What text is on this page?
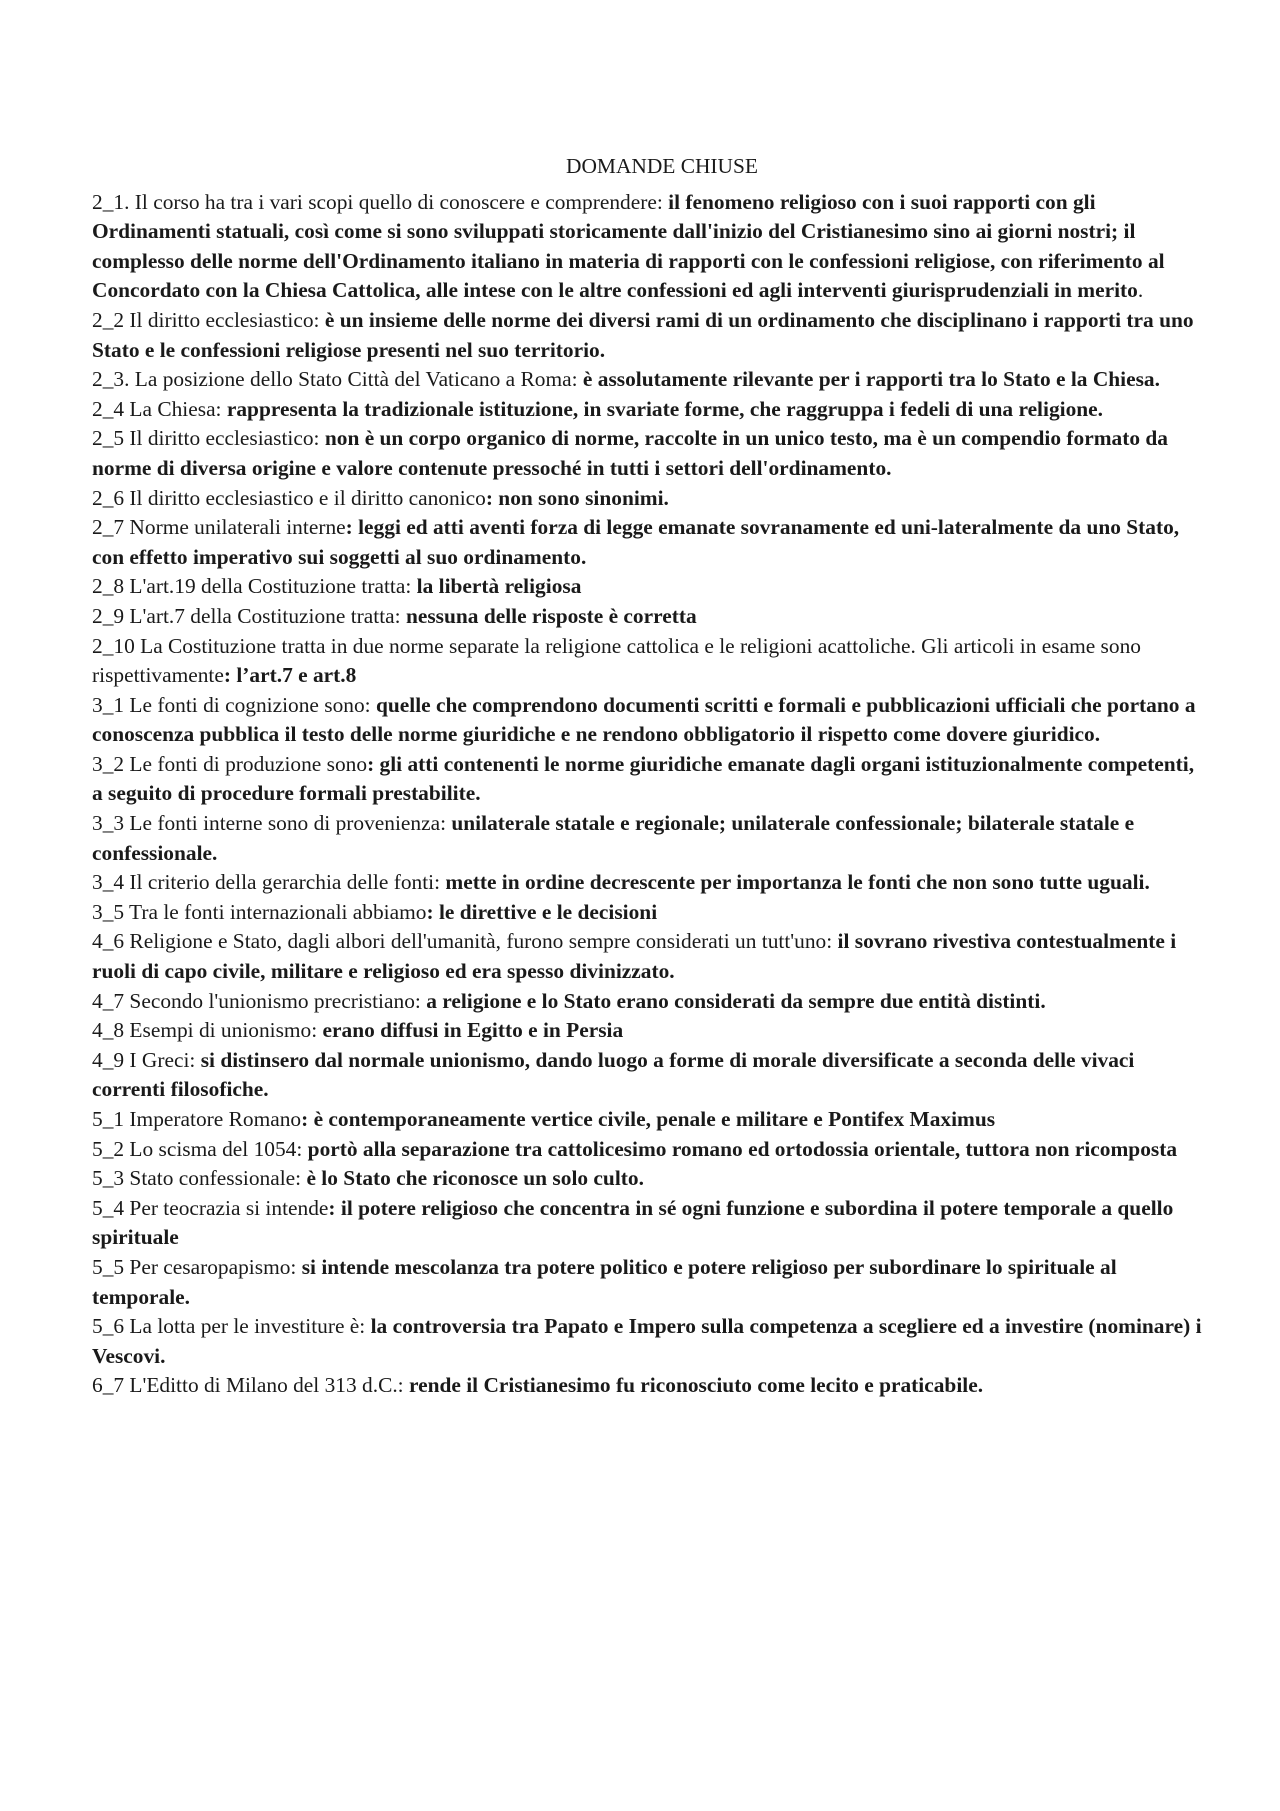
DOMANDE CHIUSE

2_1. Il corso ha tra i vari scopi quello di conoscere e comprendere: il fenomeno religioso con i suoi rapporti con gli Ordinamenti statuali, così come si sono sviluppati storicamente dall'inizio del Cristianesimo sino ai giorni nostri; il complesso delle norme dell'Ordinamento italiano in materia di rapporti con le confessioni religiose, con riferimento al Concordato con la Chiesa Cattolica, alle intese con le altre confessioni ed agli interventi giurisprudenziali in merito.

2_2 Il diritto ecclesiastico: è un insieme delle norme dei diversi rami di un ordinamento che disciplinano i rapporti tra uno Stato e le confessioni religiose presenti nel suo territorio.

2_3. La posizione dello Stato Città del Vaticano a Roma: è assolutamente rilevante per i rapporti tra lo Stato e la Chiesa.

2_4 La Chiesa: rappresenta la tradizionale istituzione, in svariate forme, che raggruppa i fedeli di una religione.

2_5 Il diritto ecclesiastico: non è un corpo organico di norme, raccolte in un unico testo, ma è un compendio formato da norme di diversa origine e valore contenute pressoché in tutti i settori dell'ordinamento.

2_6 Il diritto ecclesiastico e il diritto canonico: non sono sinonimi.

2_7 Norme unilaterali interne: leggi ed atti aventi forza di legge emanate sovranamente ed uni-lateralmente da uno Stato, con effetto imperativo sui soggetti al suo ordinamento.

2_8 L'art.19 della Costituzione tratta: la libertà religiosa

2_9 L'art.7 della Costituzione tratta: nessuna delle risposte è corretta

2_10 La Costituzione tratta in due norme separate la religione cattolica e le religioni acattoliche. Gli articoli in esame sono rispettivamente: l’art.7 e art.8

3_1 Le fonti di cognizione sono: quelle che comprendono documenti scritti e formali e pubblicazioni ufficiali che portano a conoscenza pubblica il testo delle norme giuridiche e ne rendono obbligatorio il rispetto come dovere giuridico.

3_2 Le fonti di produzione sono: gli atti contenenti le norme giuridiche emanate dagli organi istituzionalmente competenti, a seguito di procedure formali prestabilite.

3_3 Le fonti interne sono di provenienza: unilaterale statale e regionale; unilaterale confessionale; bilaterale statale e confessionale.

3_4 Il criterio della gerarchia delle fonti: mette in ordine decrescente per importanza le fonti che non sono tutte uguali.

3_5 Tra le fonti internazionali abbiamo: le direttive e le decisioni

4_6 Religione e Stato, dagli albori dell'umanità, furono sempre considerati un tutt'uno: il sovrano rivestiva contestualmente i ruoli di capo civile, militare e religioso ed era spesso divinizzato.

4_7 Secondo l'unionismo precristiano: a religione e lo Stato erano considerati da sempre due entità distinti.

4_8 Esempi di unionismo: erano diffusi in Egitto e in Persia

4_9 I Greci: si distinsero dal normale unionismo, dando luogo a forme di morale diversificate a seconda delle vivaci correnti filosofiche.

5_1 Imperatore Romano: è contemporaneamente vertice civile, penale e militare e Pontifex Maximus

5_2 Lo scisma del 1054: portò alla separazione tra cattolicesimo romano ed ortodossia orientale, tuttora non ricomposta

5_3 Stato confessionale: è lo Stato che riconosce un solo culto.

5_4 Per teocrazia si intende: il potere religioso che concentra in sé ogni funzione e subordina il potere temporale a quello spirituale

5_5 Per cesaropapismo: si intende mescolanza tra potere politico e potere religioso per subordinare lo spirituale al temporale.

5_6 La lotta per le investiture è: la controversia tra Papato e Impero sulla competenza a scegliere ed a investire (nominare) i Vescovi.

6_7 L'Editto di Milano del 313 d.C.: rende il Cristianesimo fu riconosciuto come lecito e praticabile.
